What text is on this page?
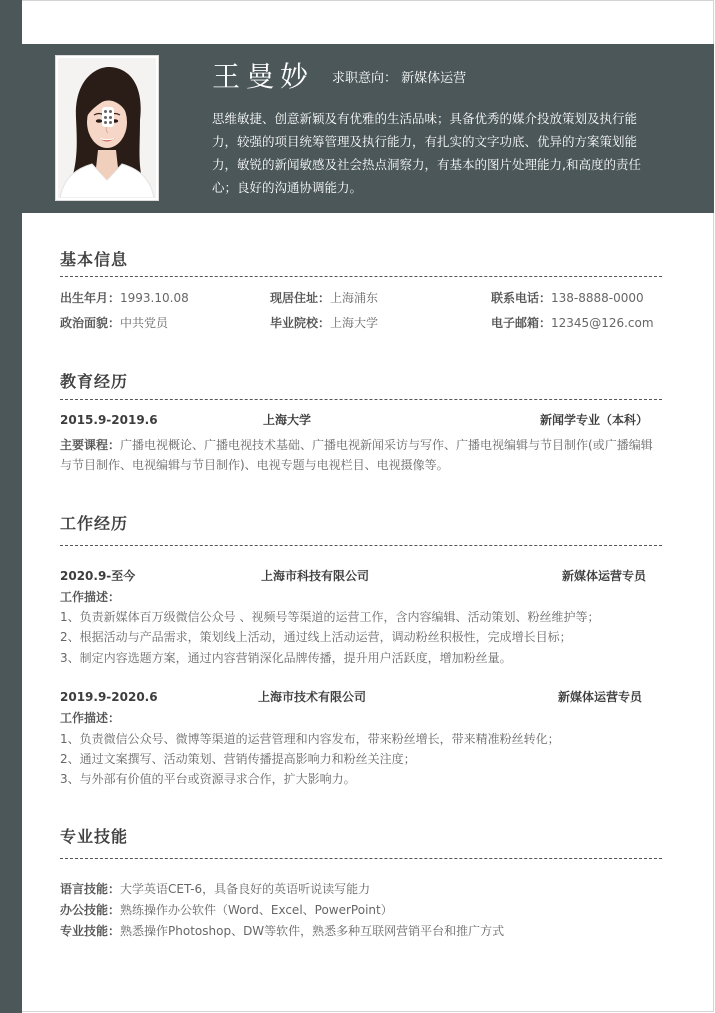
王曼妙 求职意向： 新媒体运营
思维敏捷、创意新颖及有优雅的生活品味；具备优秀的媒介投放策划及执行能力，较强的项目统筹管理及执行能力，有扎实的文字功底、优异的方案策划能力，敏锐的新闻敏感及社会热点洞察力，有基本的图片处理能力,和高度的责任心；良好的沟通协调能力。
基本信息
出生年月：1993.10.08	现居住址：上海浦东	联系电话：138-8888-0000
政治面貌：中共党员	毕业院校：上海大学	电子邮箱：12345@126.com
教育经历
2015.9-2019.6	上海大学	新闻学专业（本科）
主要课程：广播电视概论、广播电视技术基础、广播电视新闻采访与写作、广播电视编辑与节目制作(或广播编辑与节目制作、电视编辑与节目制作)、电视专题与电视栏目、电视摄像等。
工作经历
2020.9-至今	上海市科技有限公司	新媒体运营专员
工作描述：
1、负责新媒体百万级微信公众号 、视频号等渠道的运营工作，含内容编辑、活动策划、粉丝维护等；
2、根据活动与产品需求，策划线上活动，通过线上活动运营，调动粉丝积极性，完成增长目标；
3、制定内容选题方案，通过内容营销深化品牌传播，提升用户活跃度，增加粉丝量。
2019.9-2020.6	上海市技术有限公司	新媒体运营专员
工作描述：
1、负责微信公众号、微博等渠道的运营管理和内容发布，带来粉丝增长，带来精准粉丝转化；
2、通过文案撰写、活动策划、营销传播提高影响力和粉丝关注度；
3、与外部有价值的平台或资源寻求合作，扩大影响力。
专业技能
语言技能：大学英语CET-6，具备良好的英语听说读写能力
办公技能：熟练操作办公软件（Word、Excel、PowerPoint）
专业技能：熟悉操作Photoshop、DW等软件，熟悉多种互联网营销平台和推广方式
